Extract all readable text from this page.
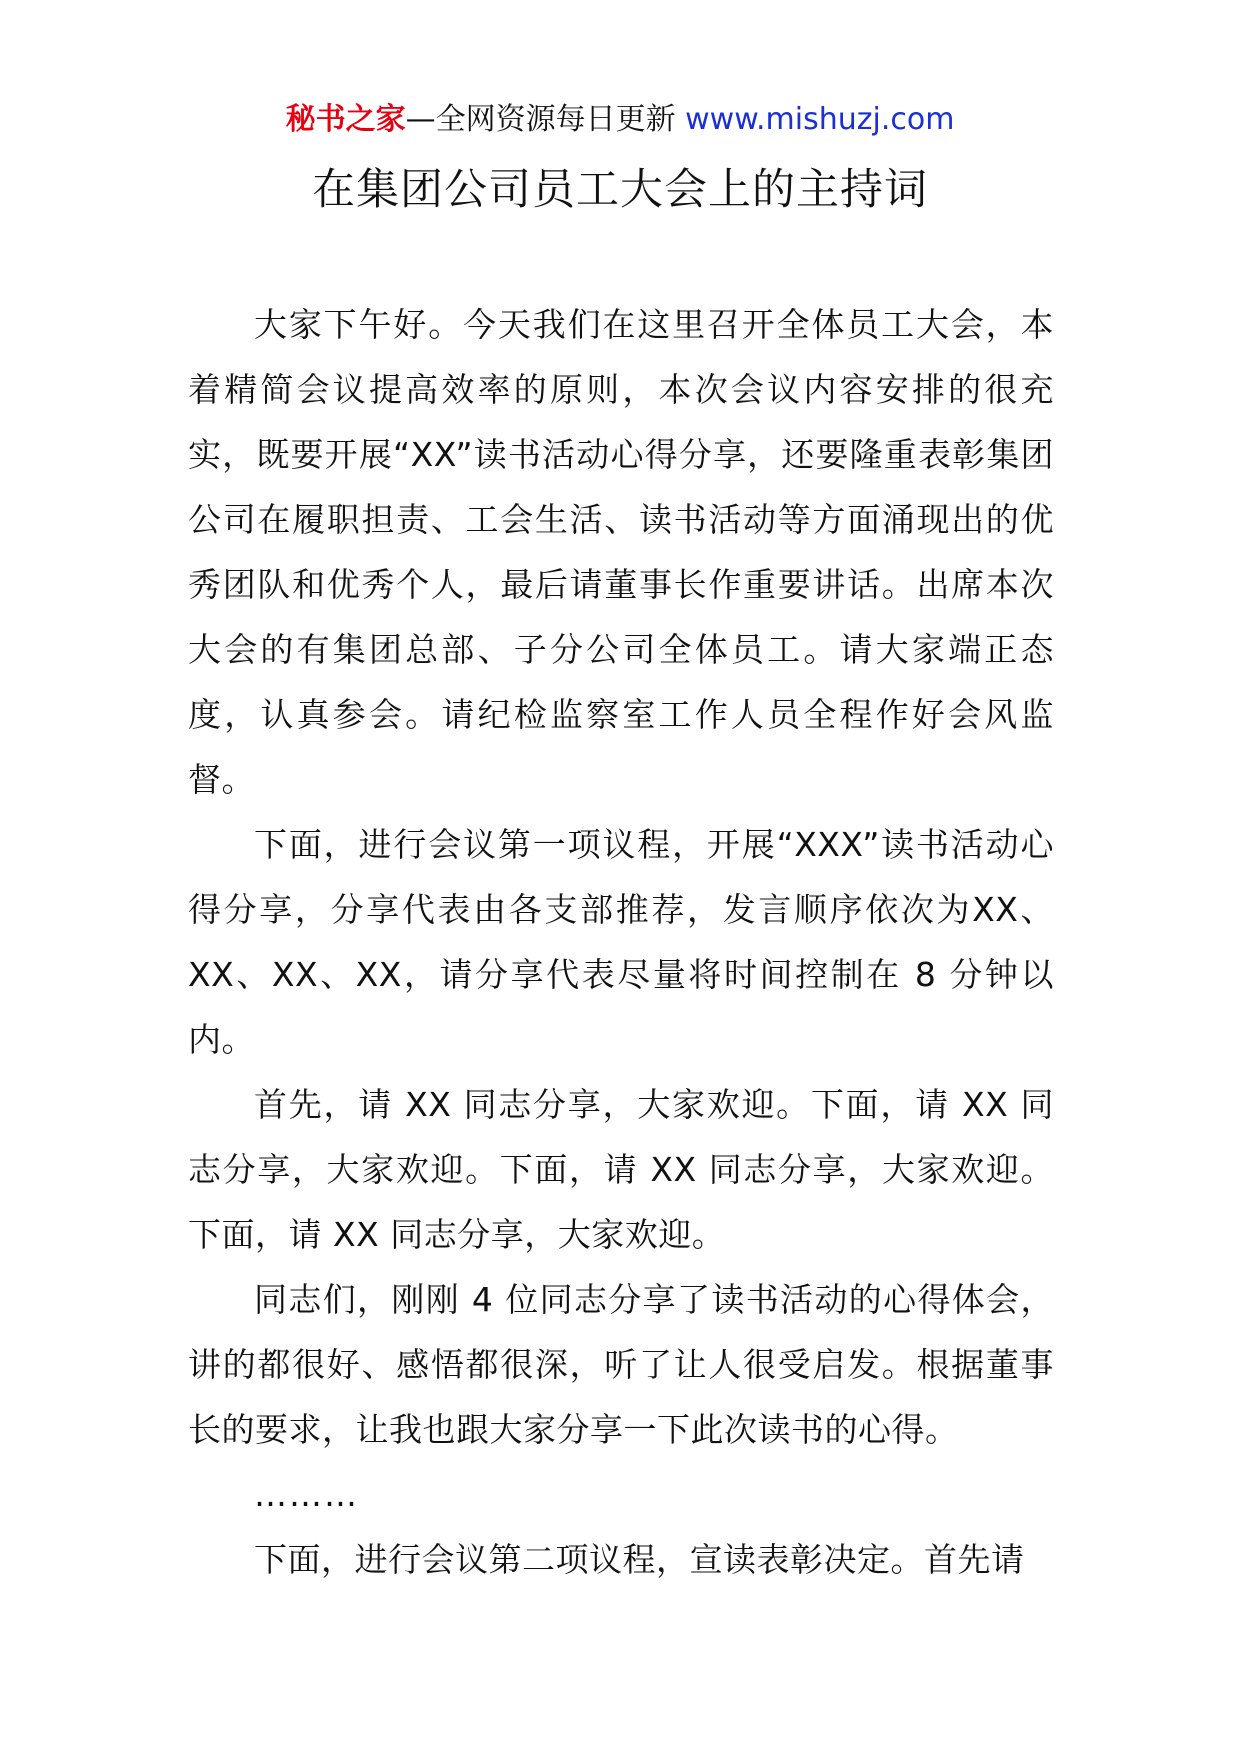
秘书之家—全网资源每日更新 www.mishuzj.com
在集团公司员工大会上的主持词

大家下午好。今天我们在这里召开全体员工大会，本着精简会议提高效率的原则，本次会议内容安排的很充实，既要开展“XX”读书活动心得分享，还要隆重表彰集团公司在履职担责、工会生活、读书活动等方面涌现出的优秀团队和优秀个人，最后请董事长作重要讲话。出席本次大会的有集团总部、子分公司全体员工。请大家端正态度，认真参会。请纪检监察室工作人员全程作好会风监督。

下面，进行会议第一项议程，开展“XXX”读书活动心得分享，分享代表由各支部推荐，发言顺序依次为XX、XX、XX、XX，请分享代表尽量将时间控制在 8 分钟以内。

首先，请 XX 同志分享，大家欢迎。下面，请 XX 同志分享，大家欢迎。下面，请 XX 同志分享，大家欢迎。下面，请 XX 同志分享，大家欢迎。

同志们，刚刚 4 位同志分享了读书活动的心得体会，讲的都很好、感悟都很深，听了让人很受启发。根据董事长的要求，让我也跟大家分享一下此次读书的心得。

………

下面，进行会议第二项议程，宣读表彰决定。首先请
